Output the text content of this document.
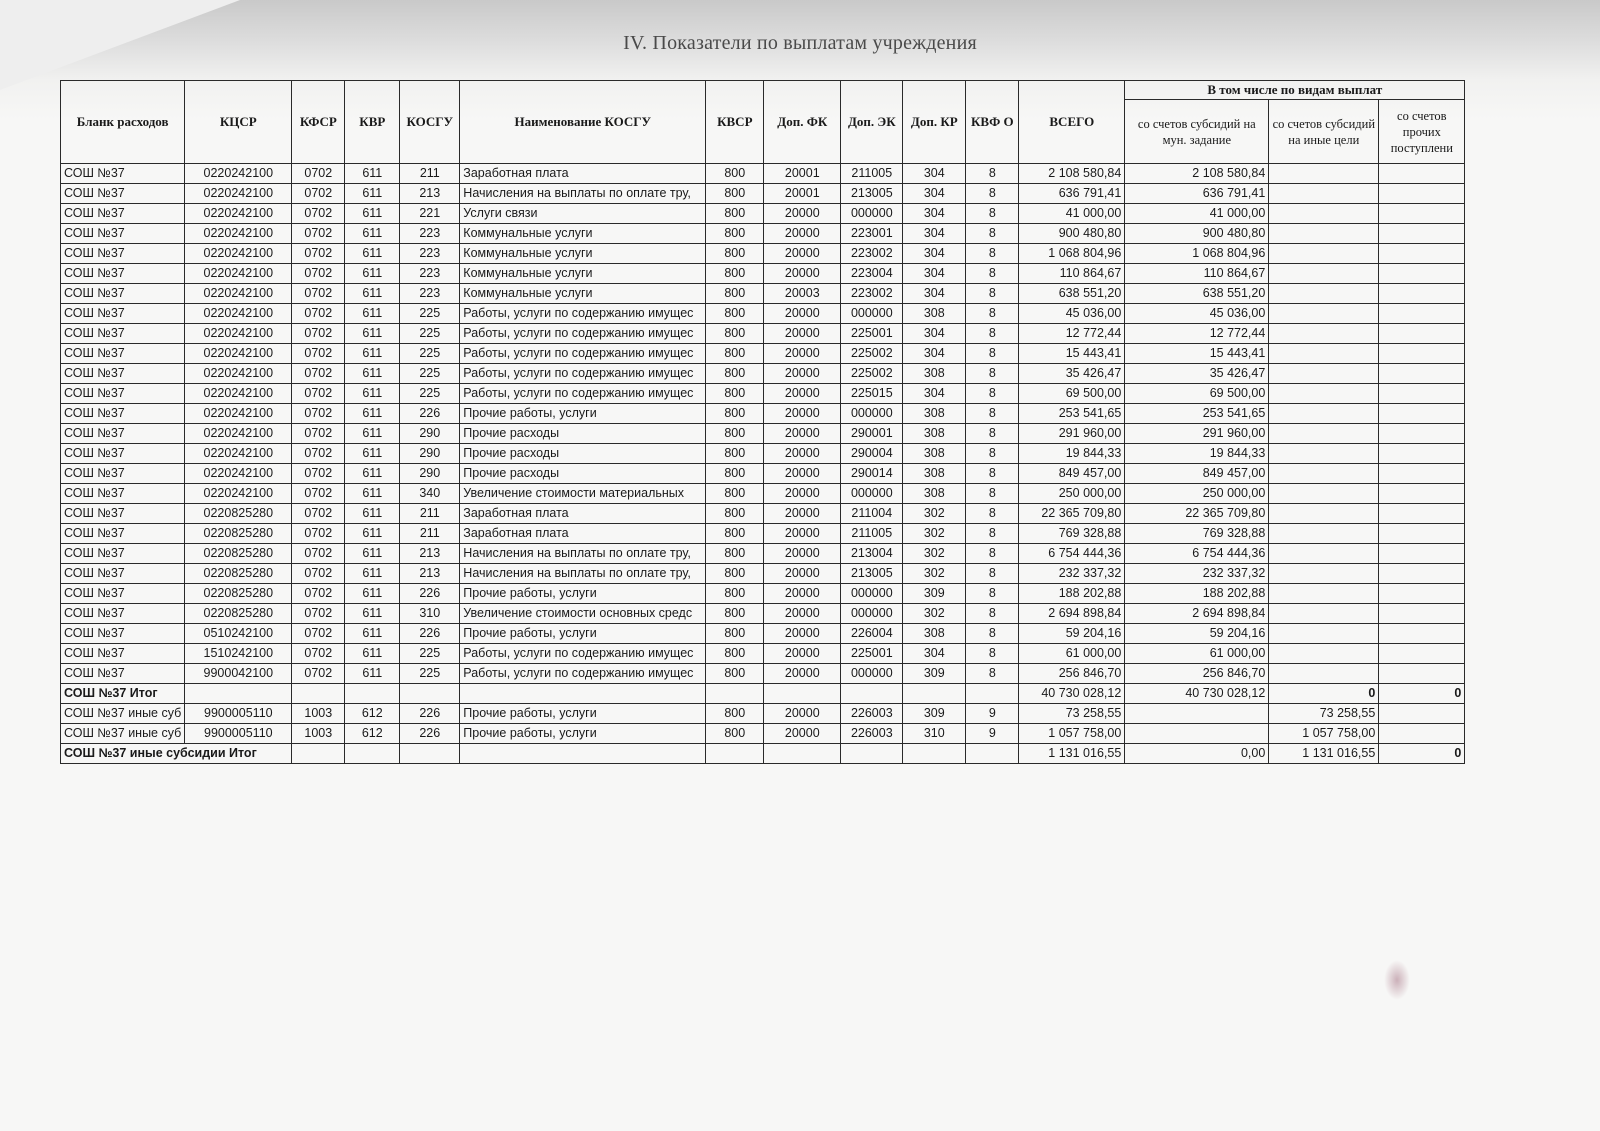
IV. Показатели по выплатам учреждения
Бланк расходов	КЦСР	КФСР	КВР	КОСГУ	Наименование КОСГУ	КВСР	Доп. ФК	Доп. ЭК	Доп. КР	КВФ О	ВСЕГО	В том числе по видам выплат		
												со счетов субсидий на мун. задание	со счетов субсидий на иные цели	со счетов прочих поступлени
СОШ №37	0220242100	0702	611	211	Заработная плата	800	20001	211005	304	8	2 108 580,84	2 108 580,84		
СОШ №37	0220242100	0702	611	213	Начисления на выплаты по оплате тру,	800	20001	213005	304	8	636 791,41	636 791,41		
СОШ №37	0220242100	0702	611	221	Услуги связи	800	20000	000000	304	8	41 000,00	41 000,00		
СОШ №37	0220242100	0702	611	223	Коммунальные услуги	800	20000	223001	304	8	900 480,80	900 480,80		
СОШ №37	0220242100	0702	611	223	Коммунальные услуги	800	20000	223002	304	8	1 068 804,96	1 068 804,96		
СОШ №37	0220242100	0702	611	223	Коммунальные услуги	800	20000	223004	304	8	110 864,67	110 864,67		
СОШ №37	0220242100	0702	611	223	Коммунальные услуги	800	20003	223002	304	8	638 551,20	638 551,20		
СОШ №37	0220242100	0702	611	225	Работы, услуги по содержанию имущес	800	20000	000000	308	8	45 036,00	45 036,00		
СОШ №37	0220242100	0702	611	225	Работы, услуги по содержанию имущес	800	20000	225001	304	8	12 772,44	12 772,44		
СОШ №37	0220242100	0702	611	225	Работы, услуги по содержанию имущес	800	20000	225002	304	8	15 443,41	15 443,41		
СОШ №37	0220242100	0702	611	225	Работы, услуги по содержанию имущес	800	20000	225002	308	8	35 426,47	35 426,47		
СОШ №37	0220242100	0702	611	225	Работы, услуги по содержанию имущес	800	20000	225015	304	8	69 500,00	69 500,00		
СОШ №37	0220242100	0702	611	226	Прочие работы, услуги	800	20000	000000	308	8	253 541,65	253 541,65		
СОШ №37	0220242100	0702	611	290	Прочие расходы	800	20000	290001	308	8	291 960,00	291 960,00		
СОШ №37	0220242100	0702	611	290	Прочие расходы	800	20000	290004	308	8	19 844,33	19 844,33		
СОШ №37	0220242100	0702	611	290	Прочие расходы	800	20000	290014	308	8	849 457,00	849 457,00		
СОШ №37	0220242100	0702	611	340	Увеличение стоимости материальных	800	20000	000000	308	8	250 000,00	250 000,00		
СОШ №37	0220825280	0702	611	211	Заработная плата	800	20000	211004	302	8	22 365 709,80	22 365 709,80		
СОШ №37	0220825280	0702	611	211	Заработная плата	800	20000	211005	302	8	769 328,88	769 328,88		
СОШ №37	0220825280	0702	611	213	Начисления на выплаты по оплате тру,	800	20000	213004	302	8	6 754 444,36	6 754 444,36		
СОШ №37	0220825280	0702	611	213	Начисления на выплаты по оплате тру,	800	20000	213005	302	8	232 337,32	232 337,32		
СОШ №37	0220825280	0702	611	226	Прочие работы, услуги	800	20000	000000	309	8	188 202,88	188 202,88		
СОШ №37	0220825280	0702	611	310	Увеличение стоимости основных средс	800	20000	000000	302	8	2 694 898,84	2 694 898,84		
СОШ №37	0510242100	0702	611	226	Прочие работы, услуги	800	20000	226004	308	8	59 204,16	59 204,16		
СОШ №37	1510242100	0702	611	225	Работы, услуги по содержанию имущес	800	20000	225001	304	8	61 000,00	61 000,00		
СОШ №37	9900042100	0702	611	225	Работы, услуги по содержанию имущес	800	20000	000000	309	8	256 846,70	256 846,70		
СОШ №37 Итог											40 730 028,12	40 730 028,12	0	0
СОШ №37 иные суб	9900005110	1003	612	226	Прочие работы, услуги	800	20000	226003	309	9	73 258,55		73 258,55	
СОШ №37 иные суб	9900005110	1003	612	226	Прочие работы, услуги	800	20000	226003	310	9	1 057 758,00		1 057 758,00	
СОШ №37 иные субсидии Итог											1 131 016,55	0,00	1 131 016,55	0
